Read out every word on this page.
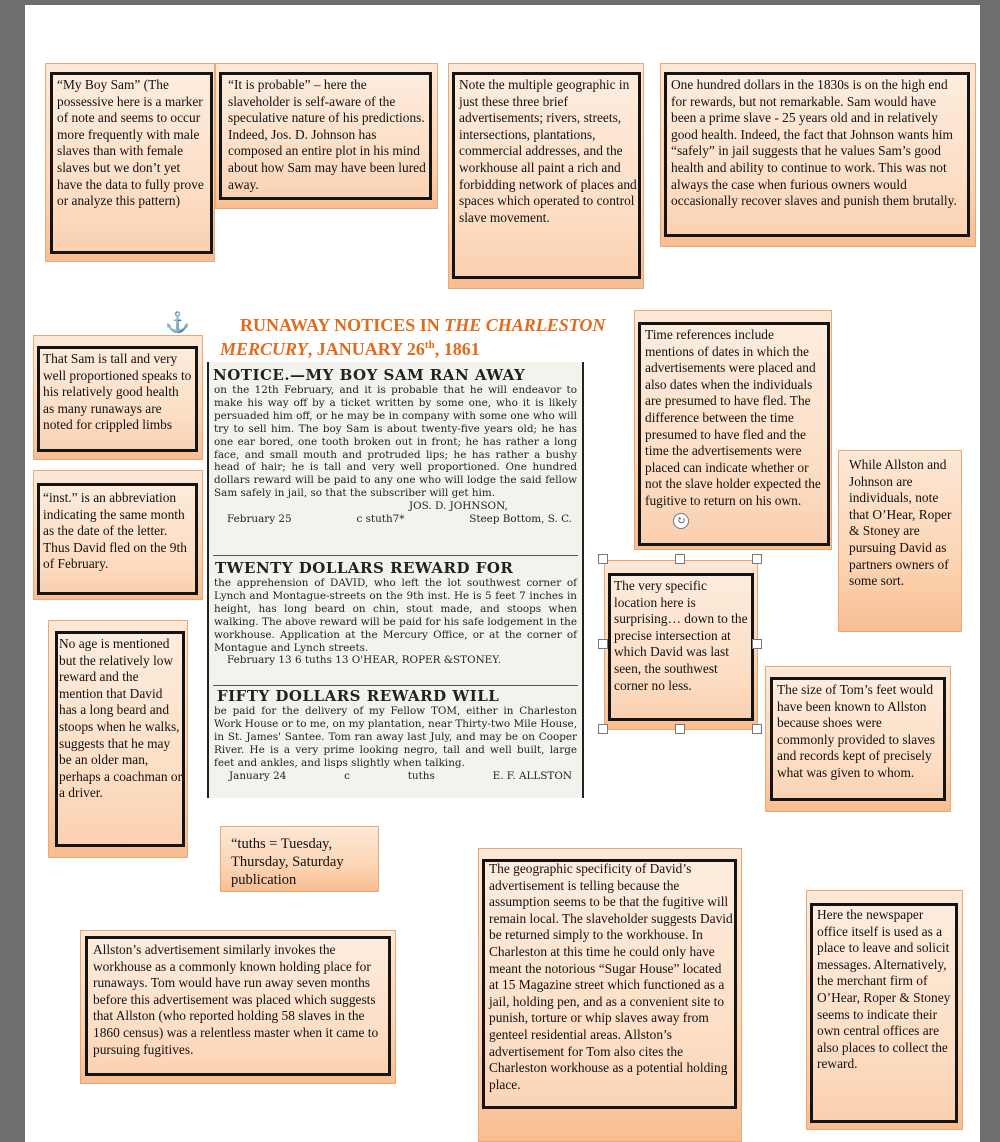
“My Boy Sam” (The possessive here is a marker of note and seems to occur more frequently with male slaves than with female slaves but we don’t yet have the data to fully prove or analyze this pattern)
“It is probable” – here the slaveholder is self-aware of the speculative nature of his predictions. Indeed, Jos. D. Johnson has composed an entire plot in his mind about how Sam may have been lured away.
Note the multiple geographic in just these three brief advertisements; rivers, streets, intersections, plantations, commercial addresses, and the workhouse all paint a rich and forbidding network of places and spaces which operated to control slave movement.
One hundred dollars in the 1830s is on the high end for rewards, but not remarkable. Sam would have been a prime slave - 25 years old and in relatively good health. Indeed, the fact that Johnson wants him “safely” in jail suggests that he values Sam’s good health and ability to continue to work. This was not always the case when furious owners would occasionally recover slaves and punish them brutally.
⚓	RUNAWAY NOTICES IN THE CHARLESTON
MERCURY, JANUARY 26th, 1861
That Sam is tall and very well proportioned speaks to his relatively good health as many runaways are noted for crippled limbs
Time references include mentions of dates in which the advertisements were placed and also dates when the individuals are presumed to have fled. The difference between the time presumed to have fled and the time the advertisements were placed can indicate whether or not the slave holder expected the fugitive to return on his own.
“inst.” is an abbreviation indicating the same month as the date of the letter. Thus David fled on the 9th of February.
While Allston and Johnson are individuals, note that O’Hear, Roper & Stoney are pursuing David as partners owners of some sort.
NOTICE.—MY BOY SAM RAN AWAY
on the 12th February, and it is probable that he will endeavor to make his way off by a ticket written by some one, who it is likely persuaded him off, or he may be in company with some one who will try to sell him. The boy Sam is about twenty-five years old; he has one ear bored, one tooth broken out in front; he has rather a long face, and small mouth and protruded lips; he has rather a bushy head of hair; he is tall and very well proportioned. One hundred dollars reward will be paid to any one who will lodge the said fellow Sam safely in jail, so that the subscriber will get him.
JOS. D. JOHNSON,
February 25	c stuth7*	Steep Bottom, S. C.
TWENTY DOLLARS REWARD FOR
the apprehension of DAVID, who left the lot southwest corner of Lynch and Montague-streets on the 9th inst. He is 5 feet 7 inches in height, has long beard on chin, stout made, and stoops when walking. The above reward will be paid for his safe lodgement in the workhouse. Application at the Mercury Office, or at the corner of Montague and Lynch streets.
February 13 6 tuths 13 O'HEAR, ROPER &STONEY.
FIFTY DOLLARS REWARD WILL
be paid for the delivery of my Fellow TOM, either in Charleston Work House or to me, on my plantation, near Thirty-two Mile House, in St. James' Santee. Tom ran away last July, and may be on Cooper River. He is a very prime looking negro, tall and well built, large feet and ankles, and lisps slightly when talking.
January 24	c	tuths	E. F. ALLSTON
The very specific location here is surprising… down to the precise intersection at which David was last seen, the southwest corner no less.
↻
No age is mentioned but the relatively low reward and the mention that David has a long beard and stoops when he walks, suggests that he may be an older man, perhaps a coachman or a driver.
The size of Tom’s feet would have been known to Allston because shoes were commonly provided to slaves and records kept of precisely what was given to whom.
“tuths = Tuesday, Thursday, Saturday publication
The geographic specificity of David’s advertisement is telling because the assumption seems to be that the fugitive will remain local. The slaveholder suggests David be returned simply to the workhouse. In Charleston at this time he could only have meant the notorious “Sugar House” located at 15 Magazine street which functioned as a jail, holding pen, and as a convenient site to punish, torture or whip slaves away from genteel residential areas. Allston’s advertisement for Tom also cites the Charleston workhouse as a potential holding place.
Here the newspaper office itself is used as a place to leave and solicit messages. Alternatively, the merchant firm of O’Hear, Roper & Stoney seems to indicate their own central offices are also places to collect the reward.
Allston’s advertisement similarly invokes the workhouse as a commonly known holding place for runaways. Tom would have run away seven months before this advertisement was placed which suggests that Allston (who reported holding 58 slaves in the 1860 census) was a relentless master when it came to pursuing fugitives.
